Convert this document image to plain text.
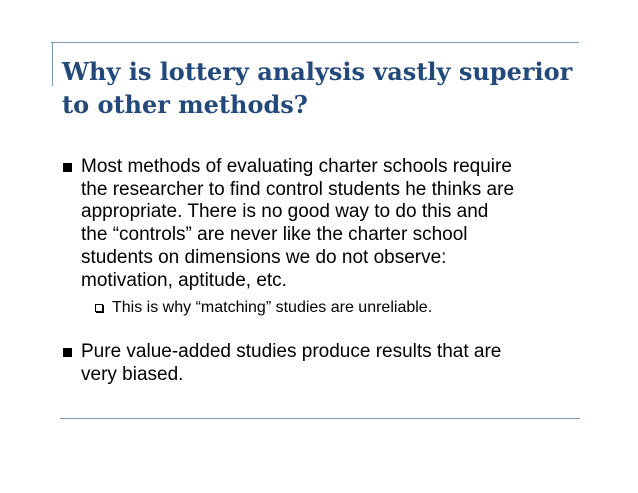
Why is lottery analysis vastly superior
to other methods?
Most methods of evaluating charter schools require
the researcher to find control students he thinks are
appropriate. There is no good way to do this and
the “controls” are never like the charter school
students on dimensions we do not observe:
motivation, aptitude, etc.
This is why “matching” studies are unreliable.
Pure value-added studies produce results that are
very biased.
